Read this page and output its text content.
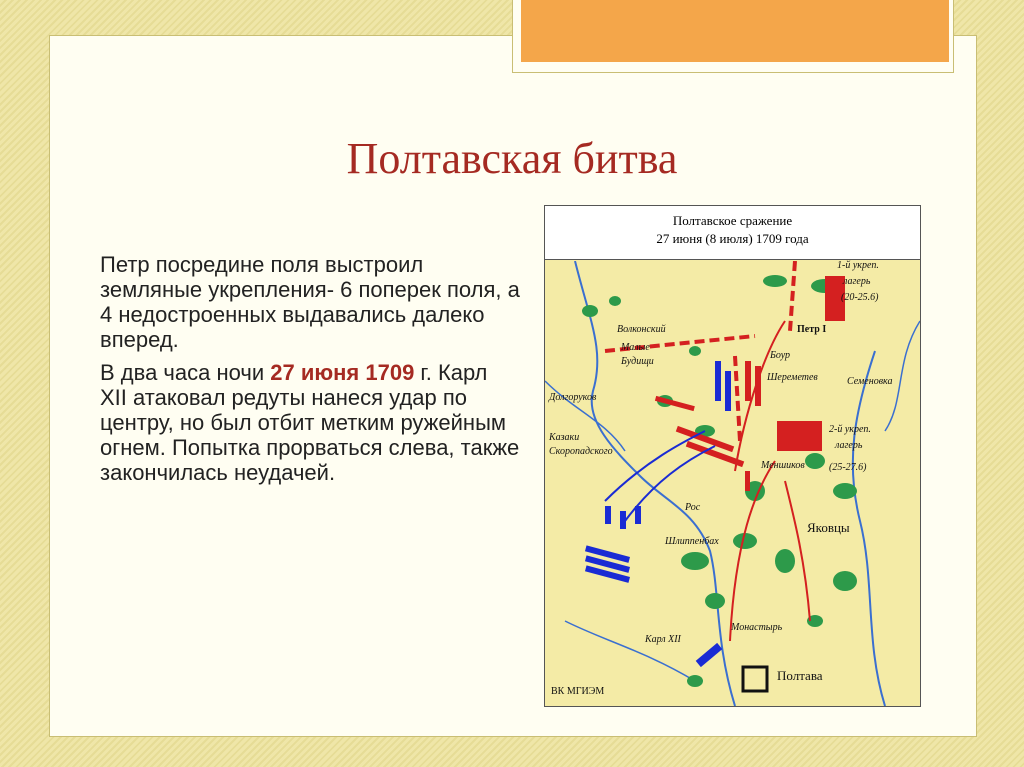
Полтавская битва

Петр посредине поля выстроил земляные укрепления- 6 поперек поля, а 4 недостроенных выдавались далеко вперед.

В два часа ночи 27 июня 1709 г. Карл XII атаковал редуты нанеся удар по центру, но был отбит метким ружейным огнем. Попытка прорваться слева, также закончилась неудачей.

Полтавское сражение
27 июня (8 июля) 1709 года
1-й укреп.
лагерь
(20-25.6)
Петр I
Волконский
Малые
Будищи
Боур
Шереметев	Семеновка
Долгоруков
Казаки
Скоропадского
2-й укреп.
лагерь
(25-27.6)
Меншиков
Рос
Яковцы
Шлиппенбах
Монастырь
Карл XII
Полтава
ВК МГИЭМ
